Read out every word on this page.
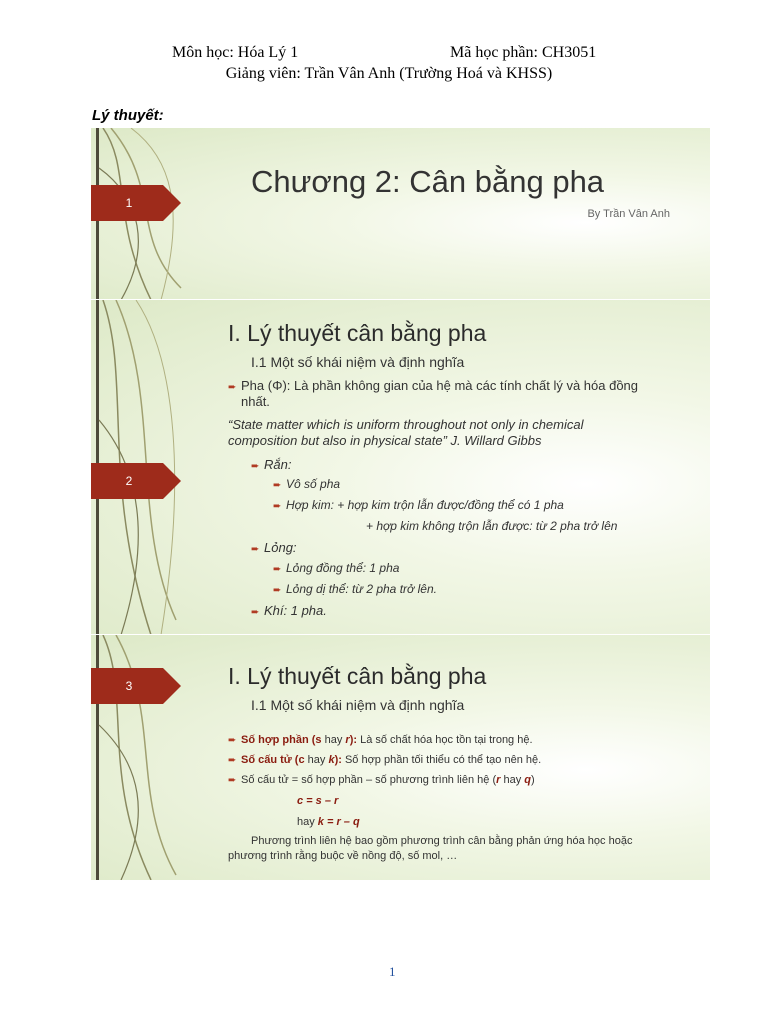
Môn học: Hóa Lý 1	Mã học phần: CH3051
Giảng viên: Trần Vân Anh (Trường Hoá và KHSS)
Lý thuyết:
1
Chương 2: Cân bằng pha
By Trần Vân Anh
2
I. Lý thuyết cân bằng pha
I.1 Một số khái niệm và định nghĩa
➨ Pha (Φ): Là phần không gian của hệ mà các tính chất lý và hóa đồng
nhất.
“State matter which is uniform throughout not only in chemical
composition but also in physical state” J. Willard Gibbs
➨ Rắn:
➨ Vô số pha
➨ Hợp kim: + hợp kim trộn lẫn được/đồng thể có 1 pha
+ hợp kim không trộn lẫn được: từ 2 pha trở lên
➨ Lỏng:
➨ Lỏng đồng thể: 1 pha
➨ Lỏng dị thể: từ 2 pha trở lên.
➨ Khí: 1 pha.
3	I. Lý thuyết cân bằng pha
I.1 Một số khái niệm và định nghĩa
➨ Số hợp phần (s hay r): Là số chất hóa học tồn tại trong hệ.
➨ Số cấu tử (c hay k): Số hợp phần tối thiểu có thể tạo nên hệ.
➨ Số cấu tử = số hợp phần – số phương trình liên hệ (r hay q)
c = s – r
hay k = r – q
Phương trình liên hệ bao gồm phương trình cân bằng phản ứng hóa học hoặc
phương trình rằng buộc về nồng độ, số mol, …
1
